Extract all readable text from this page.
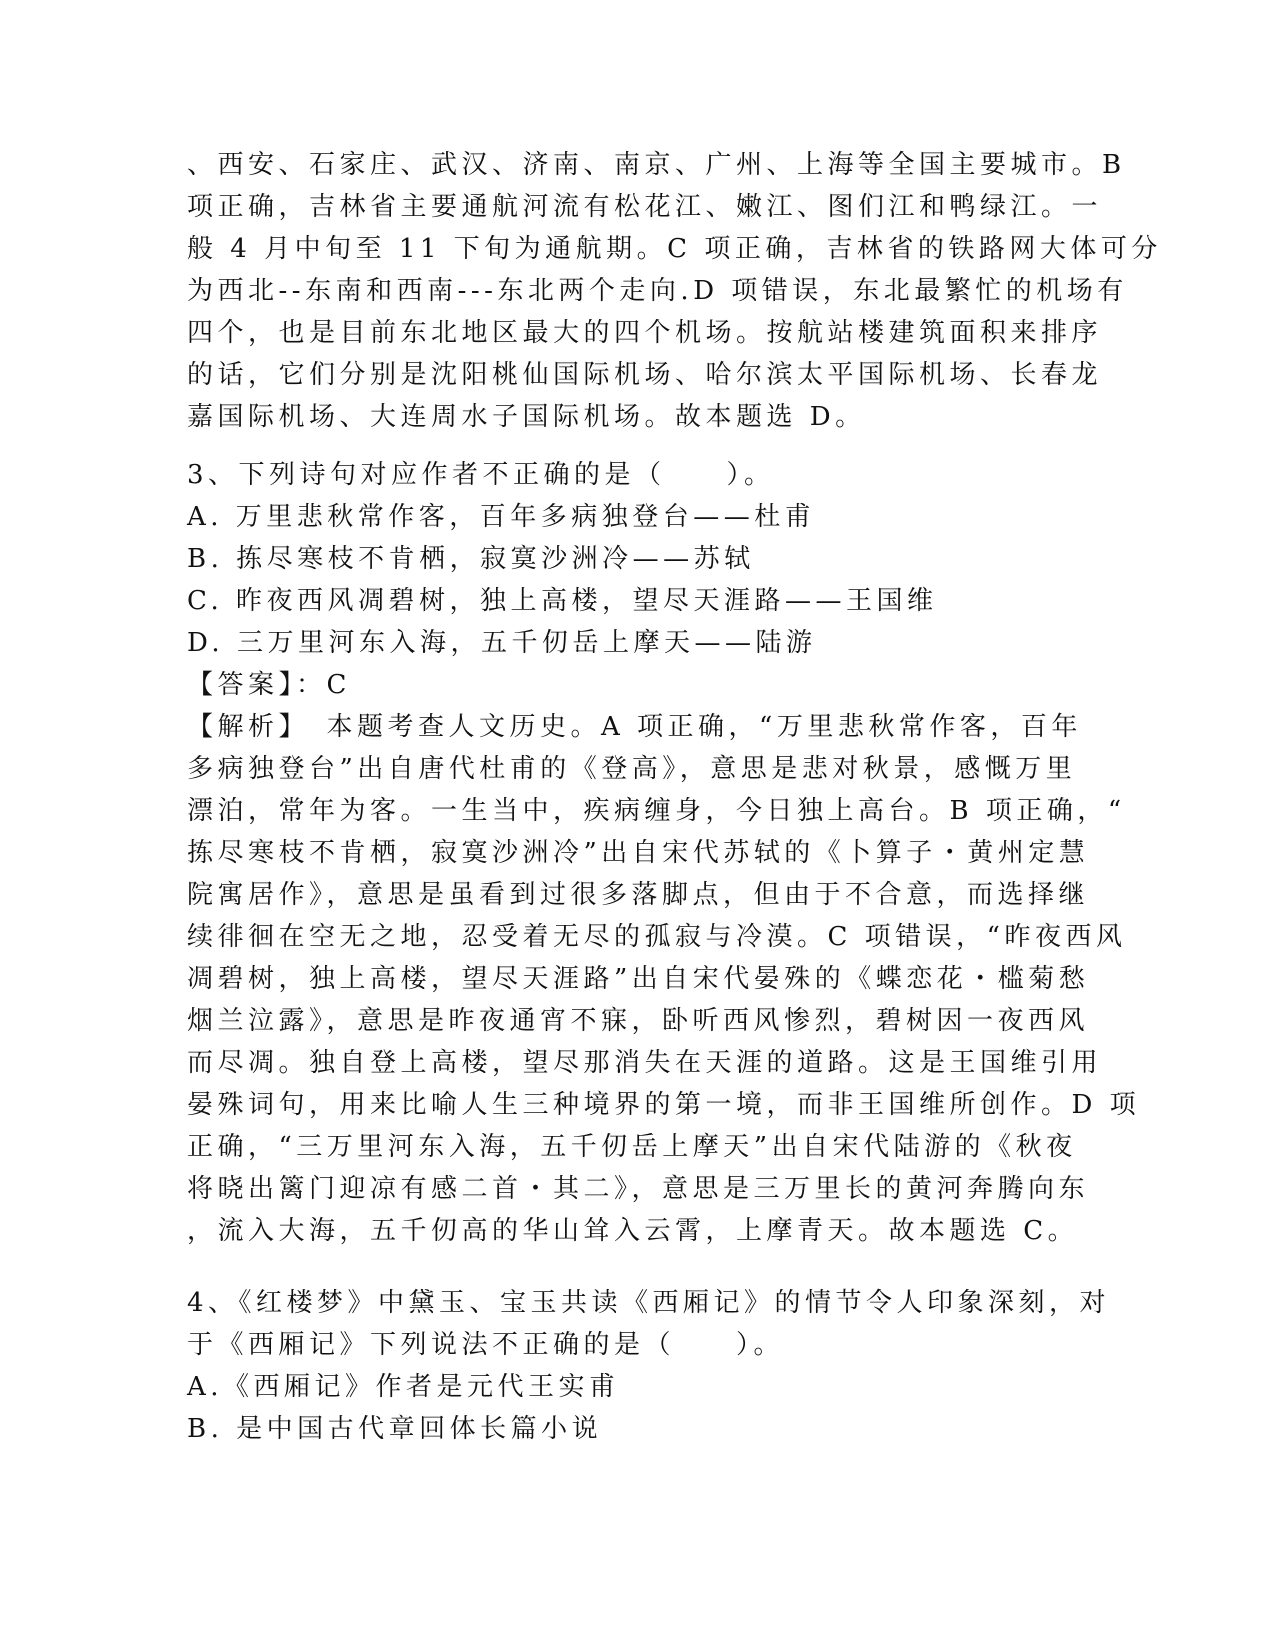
、西安、石家庄、武汉、济南、南京、广州、上海等全国主要城市。B
项正确，吉林省主要通航河流有松花江、嫩江、图们江和鸭绿江。一
般 4 月中旬至 11 下旬为通航期。C 项正确，吉林省的铁路网大体可分
为西北--东南和西南---东北两个走向.D 项错误，东北最繁忙的机场有
四个，也是目前东北地区最大的四个机场。按航站楼建筑面积来排序
的话，它们分别是沈阳桃仙国际机场、哈尔滨太平国际机场、长春龙
嘉国际机场、大连周水子国际机场。故本题选 D。
3、下列诗句对应作者不正确的是（　　）。
A. 万里悲秋常作客，百年多病独登台——杜甫
B. 拣尽寒枝不肯栖，寂寞沙洲冷——苏轼
C. 昨夜西风凋碧树，独上高楼，望尽天涯路——王国维
D. 三万里河东入海，五千仞岳上摩天——陆游
【答案】：C
【解析】　本题考查人文历史。A 项正确，“万里悲秋常作客，百年
多病独登台”出自唐代杜甫的《登高》，意思是悲对秋景，感慨万里
漂泊，常年为客。一生当中，疾病缠身，今日独上高台。B 项正确，“
拣尽寒枝不肯栖，寂寞沙洲冷”出自宋代苏轼的《卜算子・黄州定慧
院寓居作》，意思是虽看到过很多落脚点，但由于不合意，而选择继
续徘徊在空无之地，忍受着无尽的孤寂与冷漠。C 项错误，“昨夜西风
凋碧树，独上高楼，望尽天涯路”出自宋代晏殊的《蝶恋花・槛菊愁
烟兰泣露》，意思是昨夜通宵不寐，卧听西风惨烈，碧树因一夜西风
而尽凋。独自登上高楼，望尽那消失在天涯的道路。这是王国维引用
晏殊词句，用来比喻人生三种境界的第一境，而非王国维所创作。D 项
正确，“三万里河东入海，五千仞岳上摩天”出自宋代陆游的《秋夜
将晓出篱门迎凉有感二首・其二》，意思是三万里长的黄河奔腾向东
，流入大海，五千仞高的华山耸入云霄，上摩青天。故本题选 C。
4、《红楼梦》中黛玉、宝玉共读《西厢记》的情节令人印象深刻，对
于《西厢记》下列说法不正确的是（　　）。
A.《西厢记》作者是元代王实甫
B. 是中国古代章回体长篇小说
